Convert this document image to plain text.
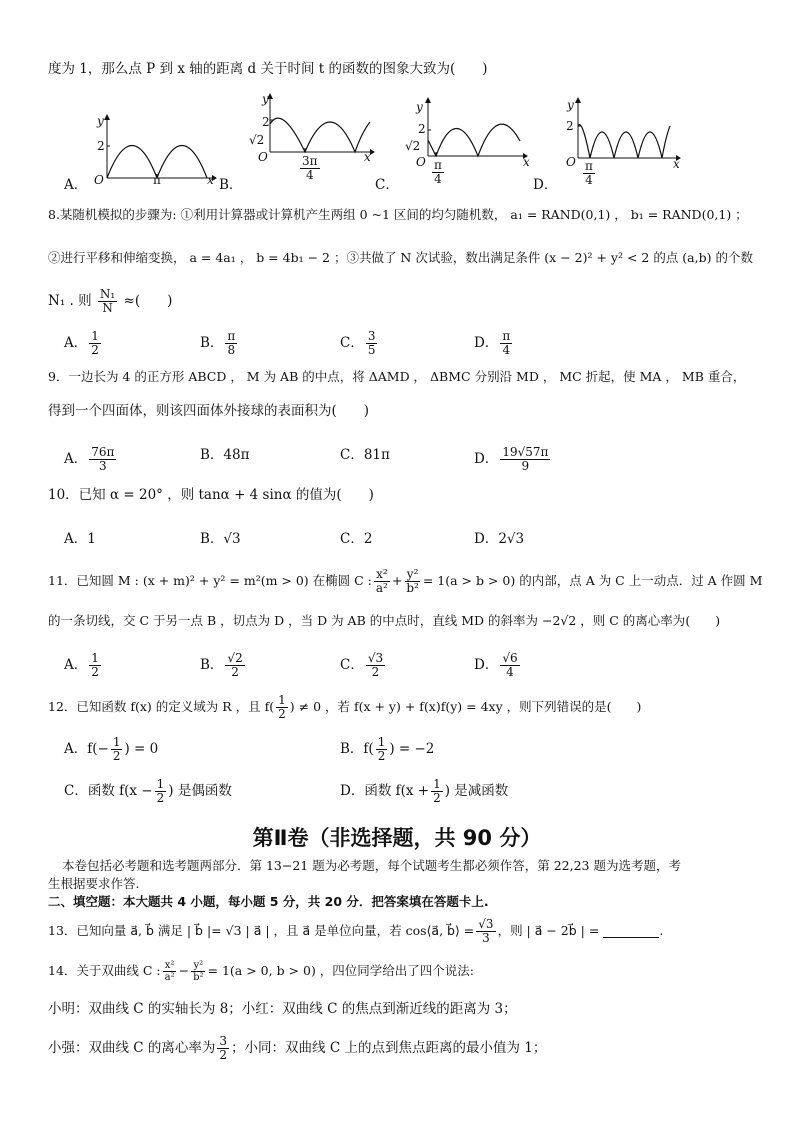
度为 1，那么点 P 到 x 轴的距离 d 关于时间 t 的函数的图象大致为(　　)
A．
y
2
O	π	x B．
y
2
√2
O	$\frac{3\pi}{4}$	x
C．
y
2
√2
O $\frac{\pi}{4}$	x
D．
y
2
O $\frac{\pi}{4}$	x
8.某随机模拟的步骤为: ①利用计算器或计算机产生两组 0 ~1 区间的均匀随机数， a₁ = RAND(0,1) ， b₁ = RAND(0,1) ；
②进行平移和伸缩变换， a = 4a₁ ， b = 4b₁ − 2 ；③共做了 N 次试验，数出满足条件 (x − 2)² + y² < 2 的点 (a,b) 的个数
N₁ . 则 $\frac{\text{N₁}}{N}$ ≈(　　)
A． $\frac{1}{2}$	B． $\frac{\pi}{8}$	C． $\frac{3}{5}$	D． $\frac{\pi}{4}$
9．一边长为 4 的正方形 ABCD ， M 为 AB 的中点，将 ΔAMD ， ΔBMC 分别沿 MD ， MC 折起，使 MA ， MB 重合，
得到一个四面体，则该四面体外接球的表面积为(　　)
A． $\frac{76\pi}{3}$	B．48π	C．81π	D． $\frac{19√57\pi}{9}$
10．已知 α = 20° ，则 tanα + 4 sinα 的值为(　　)
A．1	B．√3	C．2	D．2√3
11．已知圆 M : (x + m)² + y² = m²(m > 0) 在椭圆 C : $\frac{\text{x²}}{\text{a²}} + \frac{\text{y²}}{\text{b²}} = 1(a > b > 0)$ 的内部，点 A 为 C 上一动点．过 A 作圆 M
的一条切线，交 C 于另一点 B ，切点为 D ，当 D 为 AB 的中点时，直线 MD 的斜率为 −2√2 ，则 C 的离心率为(　　)
A． $\frac{1}{2}$	B． $\frac{√2}{2}$	C． $\frac{√3}{2}$	D． $\frac{√6}{4}$
12．已知函数 f(x) 的定义域为 R ，且 $f( \frac{1}{2}$ ) ≠ 0 ，若 f(x + y) + f(x)f(y) = 4xy ，则下列错误的是(　　)
A．$f(- \frac{1}{2}$ ) = 0	B．$f( \frac{1}{2}$ ) = −2
C．函数 $f(x - \frac{1}{2}$ ) 是偶函数	D．函数 $f(x + \frac{1}{2}$ ) 是减函数
第Ⅱ卷（非选择题，共 90 分）
本卷包括必考题和选考题两部分．第 13−21 题为必考题，每个试题考生都必须作答，第 22,23 题为选考题，考
生根据要求作答.
二、填空题：本大题共 4 小题，每小题 5 分，共 20 分．把答案填在答题卡上.
13．已知向量 a⃗, b⃗ 满足 | b⃗ |= √3 | a⃗ | ，且 a⃗ 是单位向量，若 cos⟨a⃗, b⃗⟩ = $\frac{√3}{3}$ ，则 | a⃗ − 2b⃗ | =	.
14．关于双曲线 C : $\frac{\text{x²}}{\text{a²}} - \frac{\text{y²}}{\text{b²}} = 1(a > 0$, b > 0) ，四位同学给出了四个说法:
小明：双曲线 C 的实轴长为 8；小红：双曲线 C 的焦点到渐近线的距离为 3；
小强：双曲线 C 的离心率为 $\frac{3}{2}$ ；小同：双曲线 C 上的点到焦点距离的最小值为 1；
